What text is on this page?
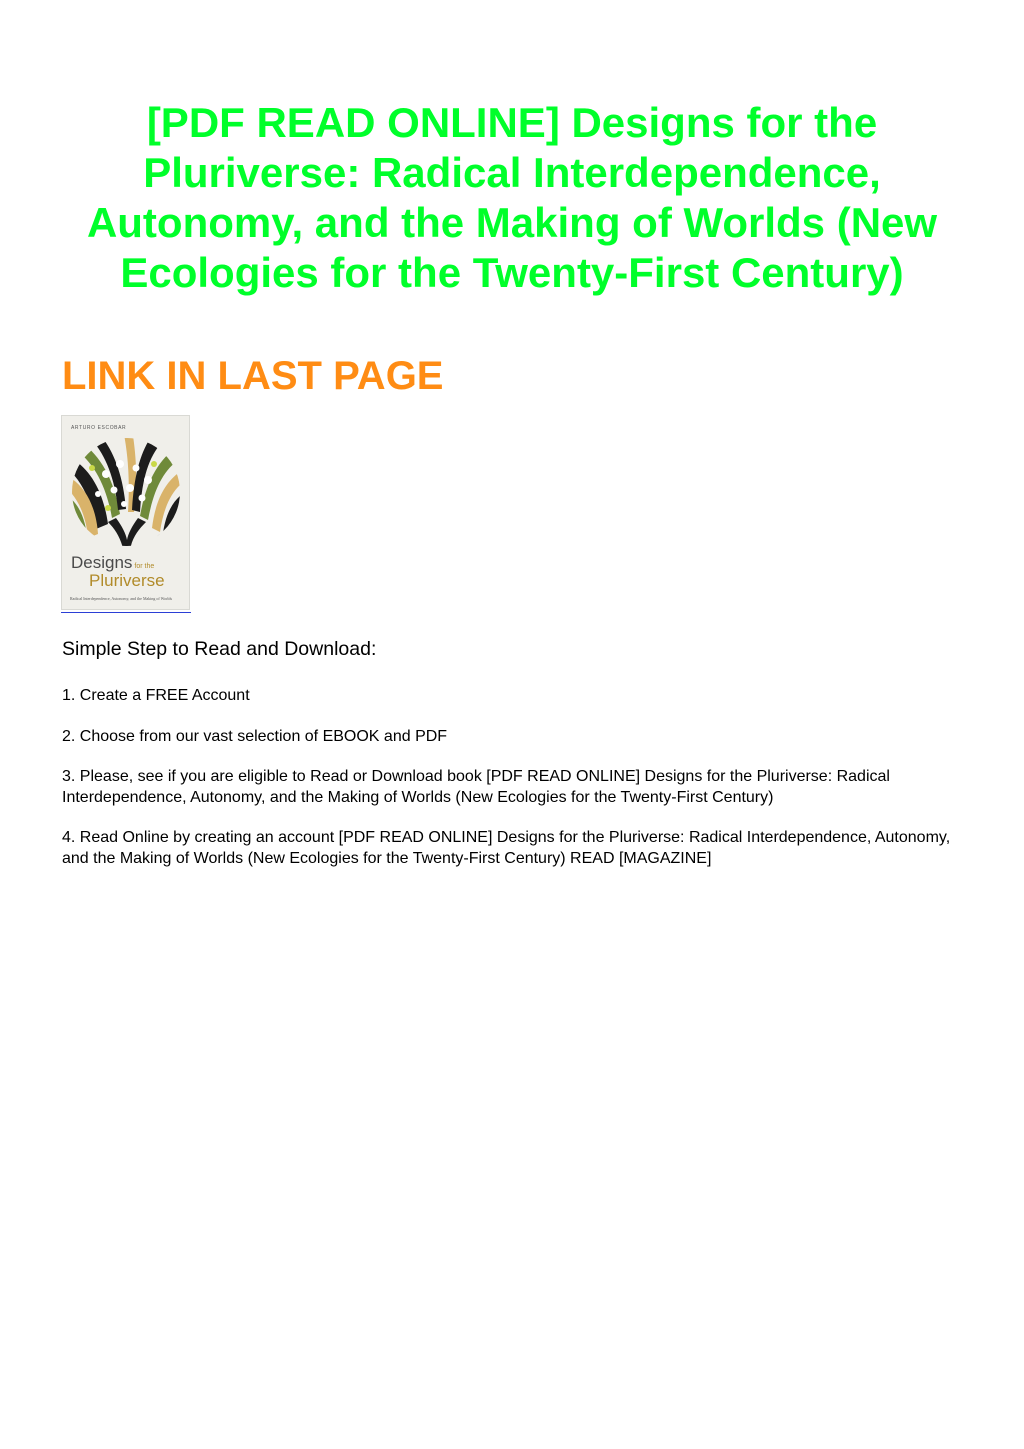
[PDF READ ONLINE] Designs for the Pluriverse: Radical Interdependence, Autonomy, and the Making of Worlds (New Ecologies for the Twenty-First Century)
LINK IN LAST PAGE
ARTURO ESCOBAR
Designs for the
Pluriverse
Radical Interdependence, Autonomy, and the Making of Worlds

Simple Step to Read and Download:

1. Create a FREE Account

2. Choose from our vast selection of EBOOK and PDF

3. Please, see if you are eligible to Read or Download book [PDF READ ONLINE] Designs for the Pluriverse: Radical Interdependence, Autonomy, and the Making of Worlds (New Ecologies for the Twenty-First Century)

4. Read Online by creating an account [PDF READ ONLINE] Designs for the Pluriverse: Radical Interdependence, Autonomy, and the Making of Worlds (New Ecologies for the Twenty-First Century) READ [MAGAZINE]
